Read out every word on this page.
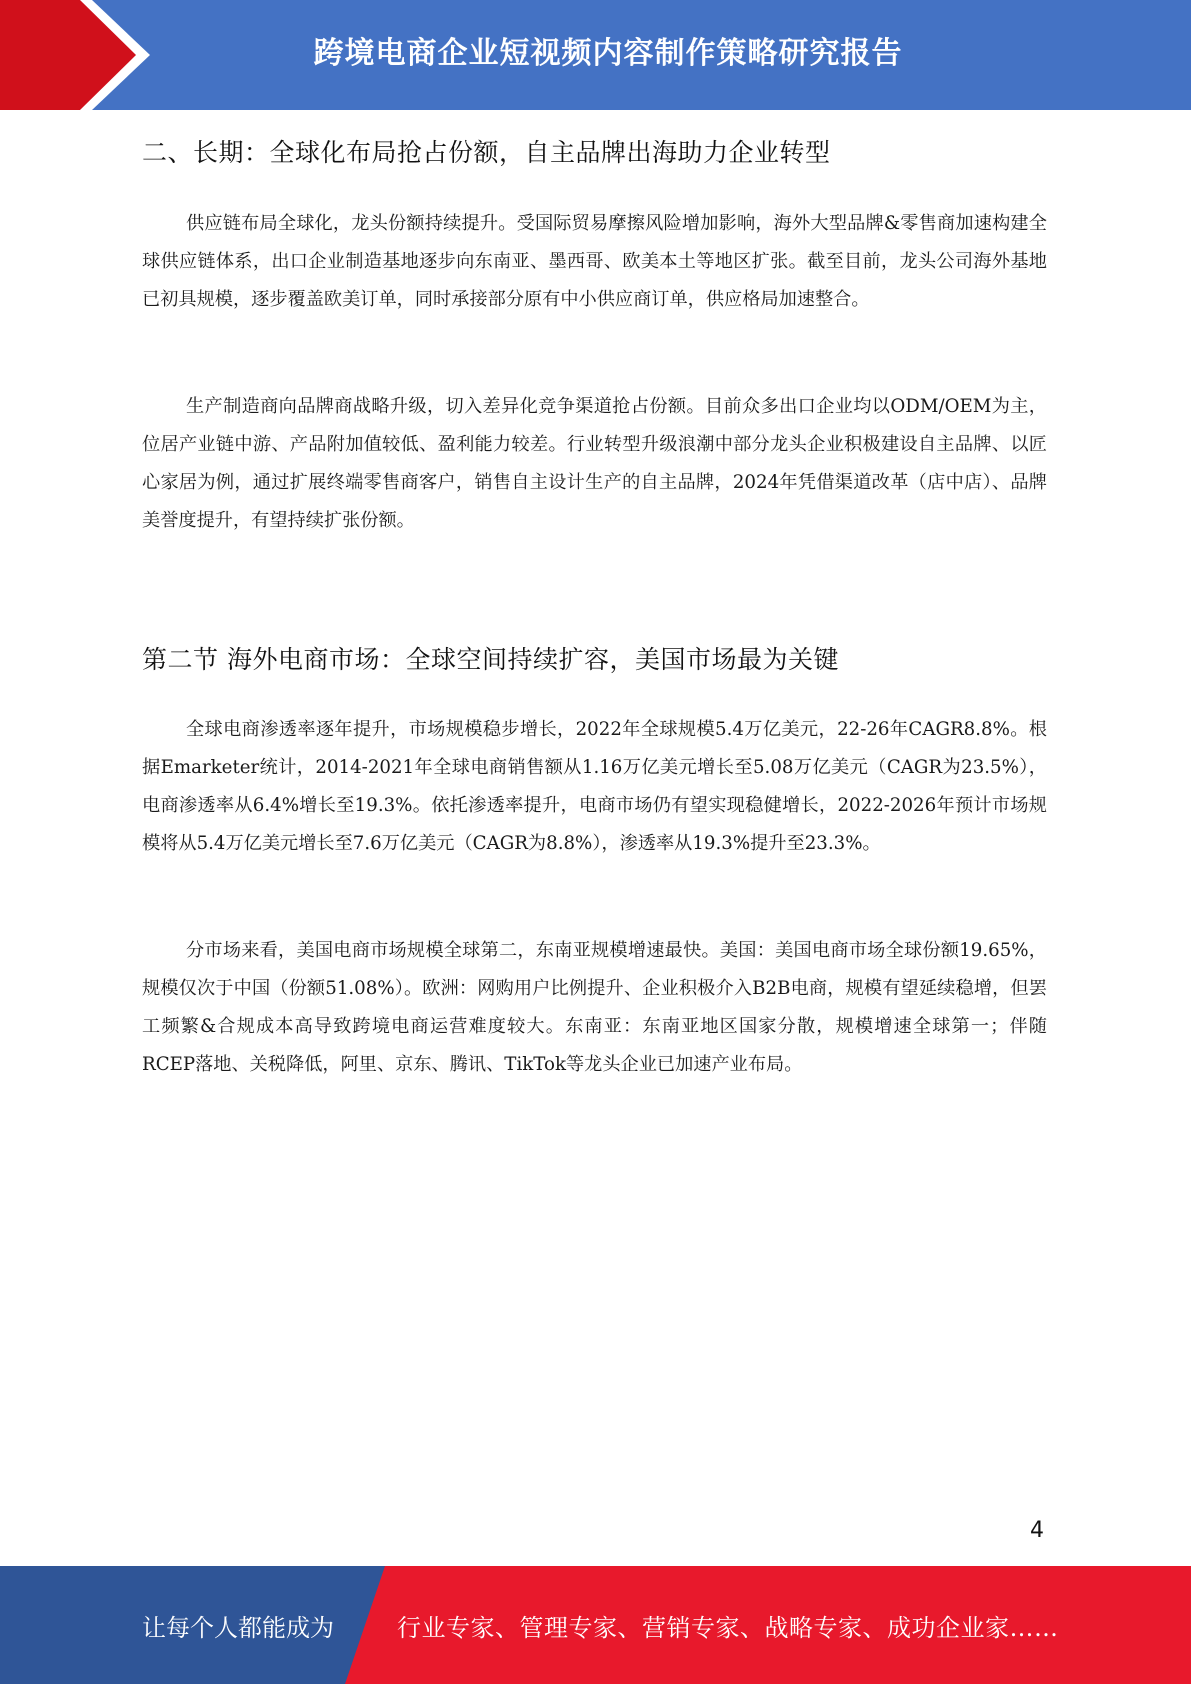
跨境电商企业短视频内容制作策略研究报告
二、长期：全球化布局抢占份额，自主品牌出海助力企业转型

供应链布局全球化，龙头份额持续提升。受国际贸易摩擦风险增加影响，海外大型品牌&零售商加速构建全球供应链体系，出口企业制造基地逐步向东南亚、墨西哥、欧美本土等地区扩张。截至目前，龙头公司海外基地已初具规模，逐步覆盖欧美订单，同时承接部分原有中小供应商订单，供应格局加速整合。

生产制造商向品牌商战略升级，切入差异化竞争渠道抢占份额。目前众多出口企业均以ODM/OEM为主，位居产业链中游、产品附加值较低、盈利能力较差。行业转型升级浪潮中部分龙头企业积极建设自主品牌、以匠心家居为例，通过扩展终端零售商客户，销售自主设计生产的自主品牌，2024年凭借渠道改革（店中店）、品牌美誉度提升，有望持续扩张份额。

第二节 海外电商市场：全球空间持续扩容，美国市场最为关键

全球电商渗透率逐年提升，市场规模稳步增长，2022年全球规模5.4万亿美元，22-26年CAGR8.8%。根据Emarketer统计，2014-2021年全球电商销售额从1.16万亿美元增长至5.08万亿美元（CAGR为23.5%），电商渗透率从6.4%增长至19.3%。依托渗透率提升，电商市场仍有望实现稳健增长，2022-2026年预计市场规模将从5.4万亿美元增长至7.6万亿美元（CAGR为8.8%），渗透率从19.3%提升至23.3%。

分市场来看，美国电商市场规模全球第二，东南亚规模增速最快。美国：美国电商市场全球份额19.65%，规模仅次于中国（份额51.08%）。欧洲：网购用户比例提升、企业积极介入B2B电商，规模有望延续稳增，但罢工频繁&合规成本高导致跨境电商运营难度较大。东南亚：东南亚地区国家分散，规模增速全球第一；伴随RCEP落地、关税降低，阿里、京东、腾讯、TikTok等龙头企业已加速产业布局。

4
让每个人都能成为	行业专家、管理专家、营销专家、战略专家、成功企业家……
